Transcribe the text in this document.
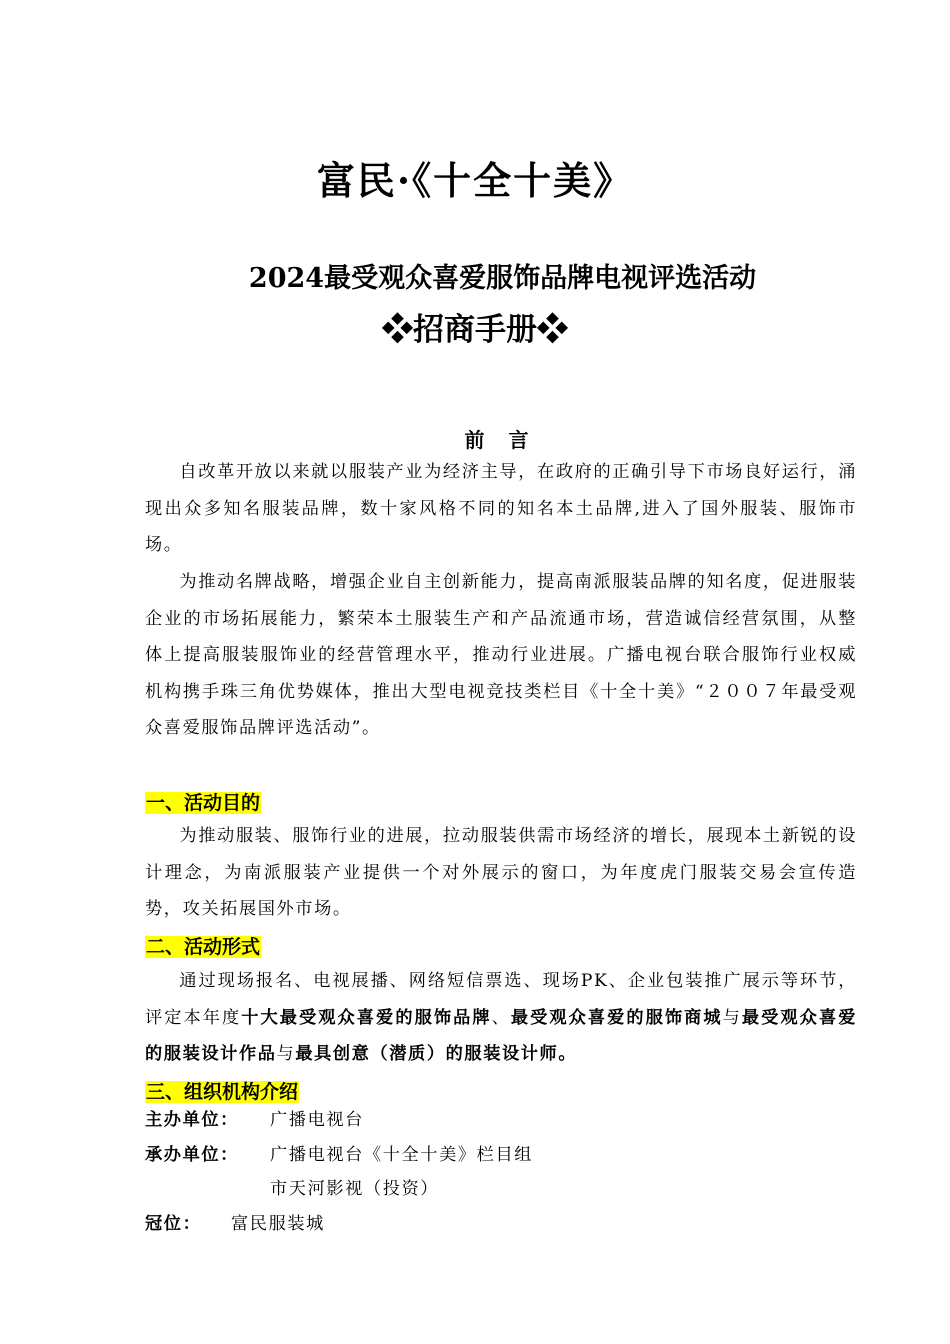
富民·《十全十美》
2024最受观众喜爱服饰品牌电视评选活动
❖招商手册❖
前　言
自改革开放以来就以服装产业为经济主导，在政府的正确引导下市场良好运行，涌现出众多知名服装品牌，数十家风格不同的知名本土品牌,进入了国外服装、服饰市场。
为推动名牌战略，增强企业自主创新能力，提高南派服装品牌的知名度，促进服装企业的市场拓展能力，繁荣本土服装生产和产品流通市场，营造诚信经营氛围，从整体上提高服装服饰业的经营管理水平，推动行业进展。广播电视台联合服饰行业权威机构携手珠三角优势媒体，推出大型电视竞技类栏目《十全十美》“２００７年最受观众喜爱服饰品牌评选活动”。
一、活动目的
为推动服装、服饰行业的进展，拉动服装供需市场经济的增长，展现本土新锐的设计理念，为南派服装产业提供一个对外展示的窗口，为年度虎门服装交易会宣传造势，攻关拓展国外市场。
二、活动形式
通过现场报名、电视展播、网络短信票选、现场PK、企业包装推广展示等环节，评定本年度十大最受观众喜爱的服饰品牌、最受观众喜爱的服饰商城与最受观众喜爱的服装设计作品与最具创意（潜质）的服装设计师。
三、组织机构介绍
主办单位： 广播电视台
承办单位： 广播电视台《十全十美》栏目组
市天河影视（投资）
冠位： 富民服装城
